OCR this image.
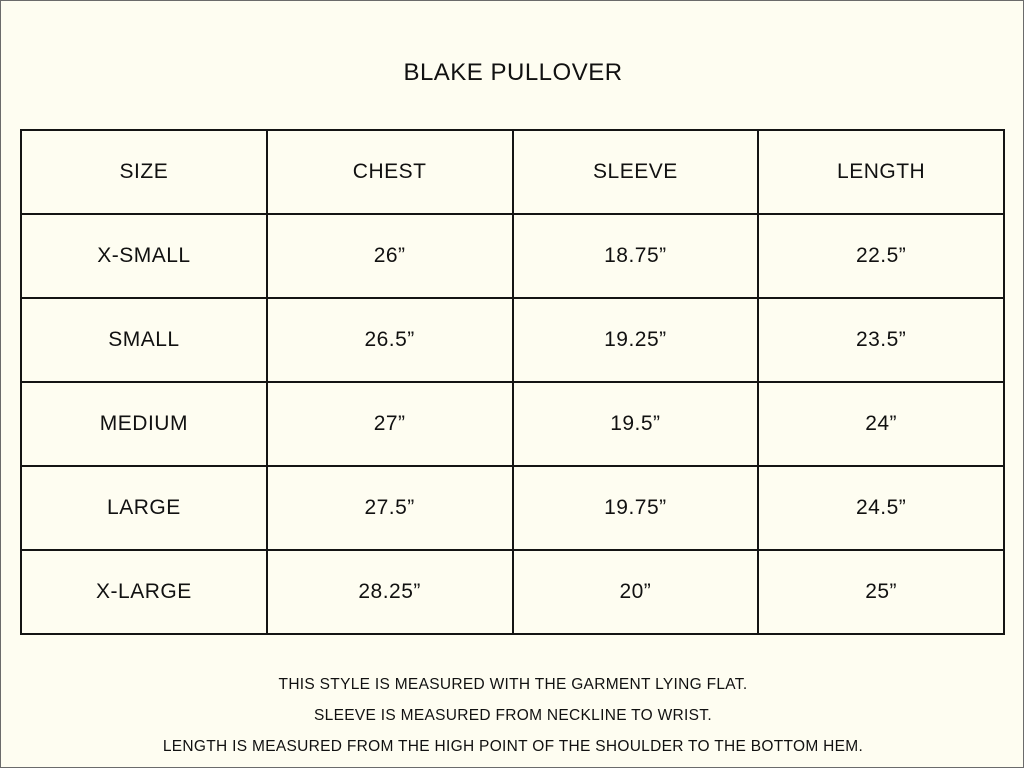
BLAKE PULLOVER
SIZE	CHEST	SLEEVE	LENGTH
X-SMALL	26”	18.75”	22.5”
SMALL	26.5”	19.25”	23.5”
MEDIUM	27”	19.5”	24”
LARGE	27.5”	19.75”	24.5”
X-LARGE	28.25”	20”	25”
THIS STYLE IS MEASURED WITH THE GARMENT LYING FLAT.
SLEEVE IS MEASURED FROM NECKLINE TO WRIST.
LENGTH IS MEASURED FROM THE HIGH POINT OF THE SHOULDER TO THE BOTTOM HEM.
